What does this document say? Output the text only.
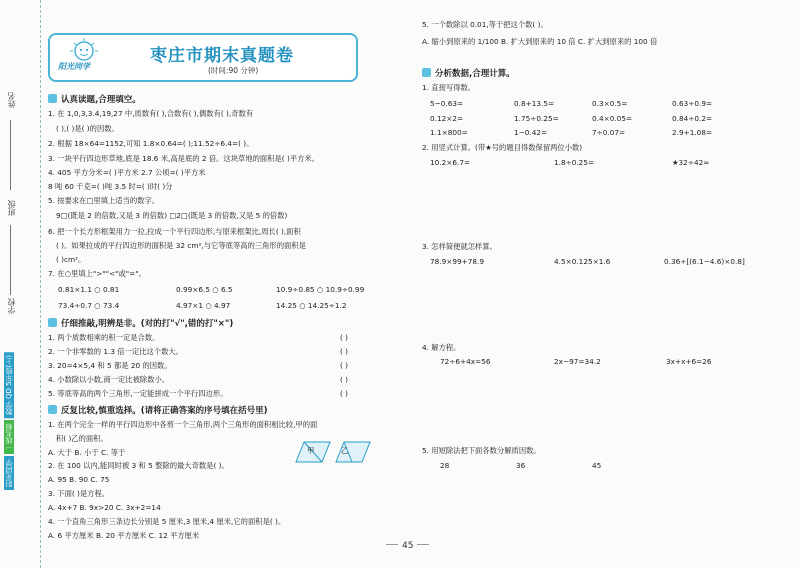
姓名
班级
学校
数学 QD 5年级(上)
一线名师
阳光同学
阳光同学
枣庄市期末真题卷
(时间:90 分钟)
认真读题,合理填空。
1. 在 1,0,3,3.4,19,27 中,质数有( ),合数有( ),偶数有( ),奇数有
( ),( )是( )的因数。
2. 根据 18×64=1152,可知 1.8×0.64=( );11.52÷6.4=( )。
3. 一块平行四边形草地,底是 18.6 米,高是底的 2 倍。这块草地的面积是( )平方米。
4. 405 平方分米=( )平方米 2.7 公顷=( )平方米
8 吨 60 千克=( )吨 3.5 时=( )时( )分
5. 按要求在□里填上适当的数字。
9□(既是 2 的倍数,又是 3 的倍数) □2□(既是 3 的倍数,又是 5 的倍数)
6. 把一个长方形框架用力一拉,拉成一个平行四边形,与原来框架比,周长( ),面积
( )。如果拉成的平行四边形的面积是 32 cm²,与它等底等高的三角形的面积是
( )cm²。
7. 在○里填上">""<"或"="。
0.81×1.1 ○ 0.81	0.99×6.5 ○ 6.5	10.9÷0.85 ○ 10.9÷0.99
73.4÷0.7 ○ 73.4	4.97×1 ○ 4.97	14.25 ○ 14.25÷1.2
仔细推敲,明辨是非。(对的打"√",错的打"×")
1. 两个质数相乘的积一定是合数。	( )
2. 一个非零数的 1.3 倍一定比这个数大。	( )
3. 20=4×5,4 和 5 都是 20 的因数。	( )
4. 小数除以小数,商一定比被除数小。	( )
5. 等底等高的两个三角形,一定能拼成一个平行四边形。	( )
反复比较,慎重选择。(请将正确答案的序号填在括号里)
1. 在两个完全一样的平行四边形中各剪一个三角形,两个三角形的面积相比较,甲的面
积( )乙的面积。
A. 大于 B. 小于 C. 等于	甲	乙
2. 在 100 以内,能同时被 3 和 5 整除的最大奇数是( )。
A. 95 B. 90 C. 75
3. 下面( )是方程。
A. 4x+7 B. 9x>20 C. 3x+2=14
4. 一个直角三角形三条边长分别是 5 厘米,3 厘米,4 厘米,它的面积是( )。
A. 6 平方厘米 B. 20 平方厘米 C. 12 平方厘米
5. 一个数除以 0.01,等于把这个数( )。
A. 缩小到原来的 1/100 B. 扩大到原来的 10 倍 C. 扩大到原来的 100 倍
分析数据,合理计算。
1. 直接写得数。
5−0.63=	0.8+13.5=	0.3×0.5=	0.63÷0.9=
0.12×2=	1.75÷0.25=	0.4×0.05=	0.84÷0.2=
1.1×800=	1−0.42=	7÷0.07=	2.9+1.08=
2. 用竖式计算。(带★号的题目得数保留两位小数)
10.2×6.7=	1.8÷0.25=	★32÷42≈
3. 怎样简便就怎样算。
78.9×99+78.9	4.5×0.125×1.6	0.36÷[(6.1−4.6)×0.8]
4. 解方程。
72÷6+4x=56	2x−97=34.2	3x+x+6=26
5. 用短除法把下面各数分解质因数。
28	36	45
45
